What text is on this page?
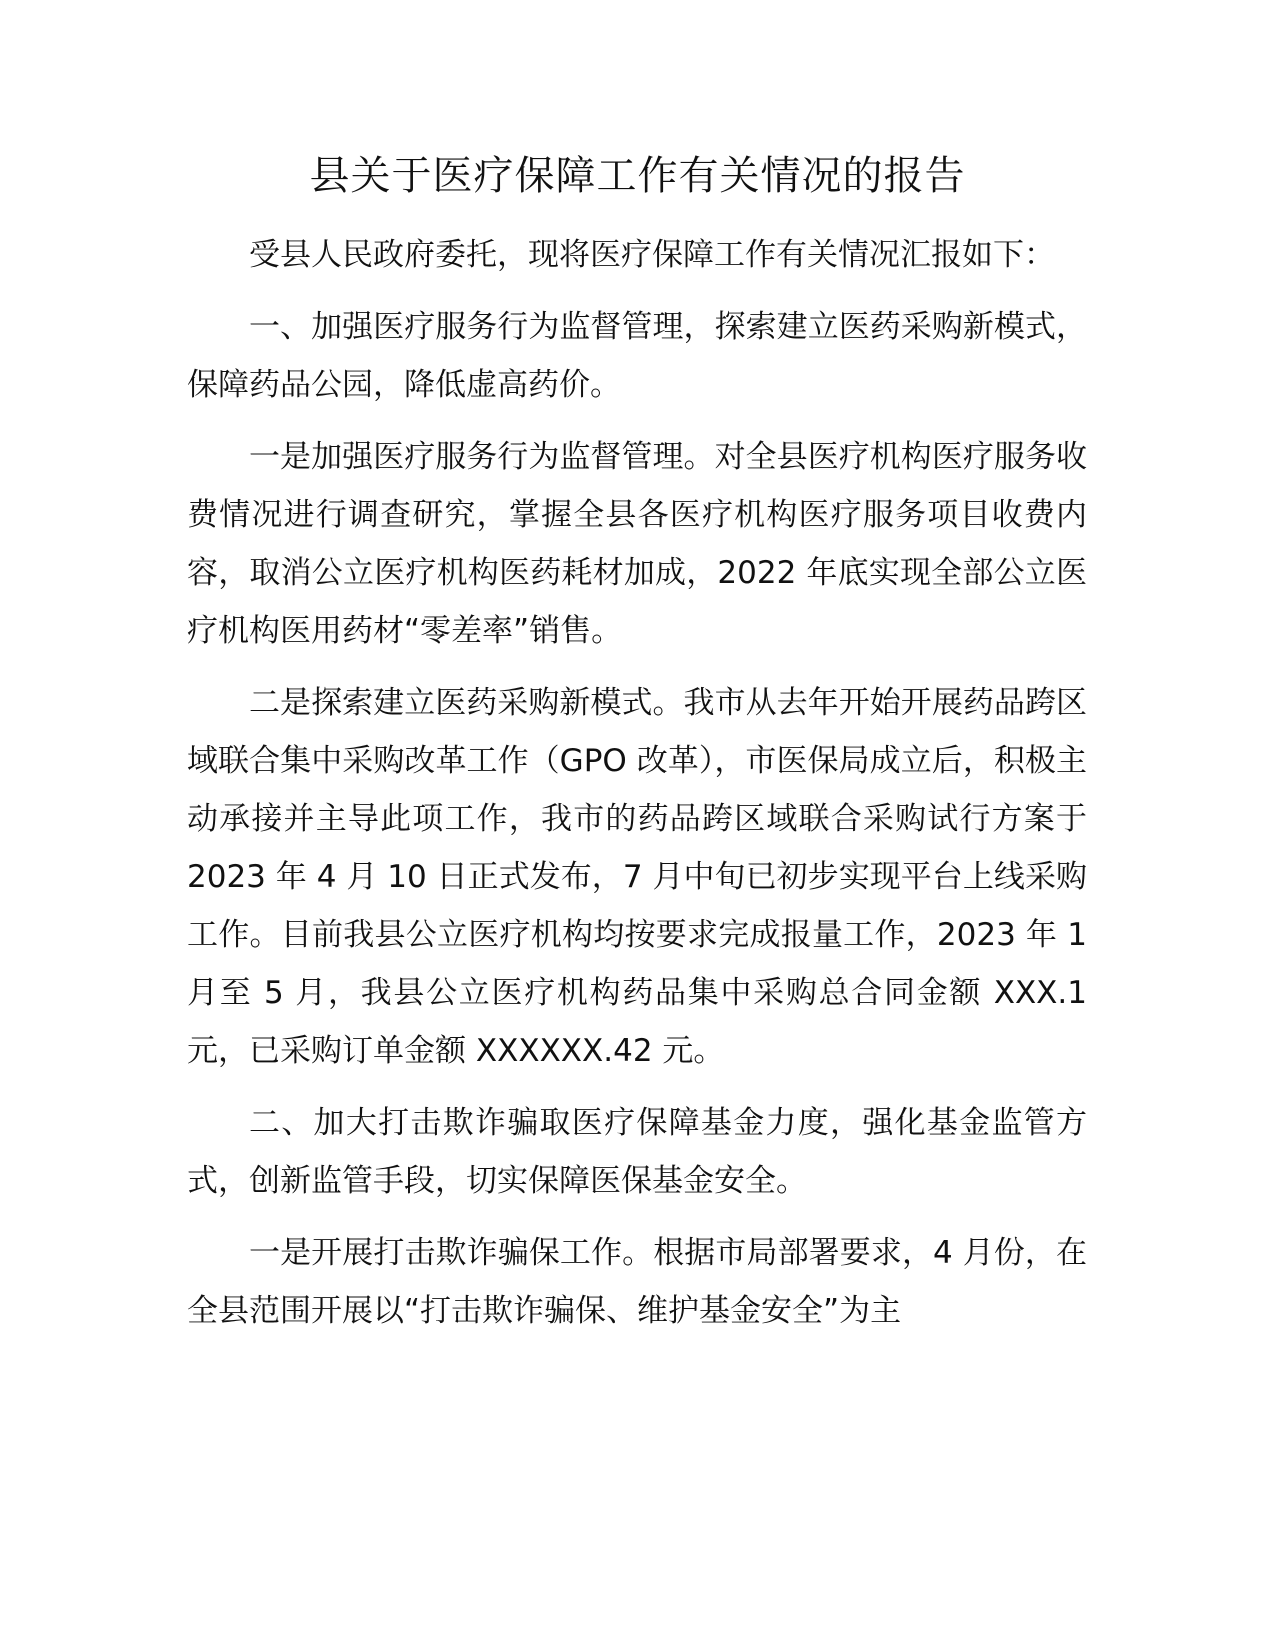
县关于医疗保障工作有关情况的报告

受县人民政府委托，现将医疗保障工作有关情况汇报如下：

一、加强医疗服务行为监督管理，探索建立医药采购新模式，保障药品公园，降低虚高药价。

一是加强医疗服务行为监督管理。对全县医疗机构医疗服务收费情况进行调查研究，掌握全县各医疗机构医疗服务项目收费内容，取消公立医疗机构医药耗材加成，2022 年底实现全部公立医疗机构医用药材“零差率”销售。

二是探索建立医药采购新模式。我市从去年开始开展药品跨区域联合集中采购改革工作（GPO 改革），市医保局成立后，积极主动承接并主导此项工作，我市的药品跨区域联合采购试行方案于 2023 年 4 月 10 日正式发布，7 月中旬已初步实现平台上线采购工作。目前我县公立医疗机构均按要求完成报量工作，2023 年 1 月至 5 月，我县公立医疗机构药品集中采购总合同金额 XXX.1 元，已采购订单金额 XXXXXX.42 元。

二、加大打击欺诈骗取医疗保障基金力度，强化基金监管方式，创新监管手段，切实保障医保基金安全。

一是开展打击欺诈骗保工作。根据市局部署要求，4 月份，在全县范围开展以“打击欺诈骗保、维护基金安全”为主
